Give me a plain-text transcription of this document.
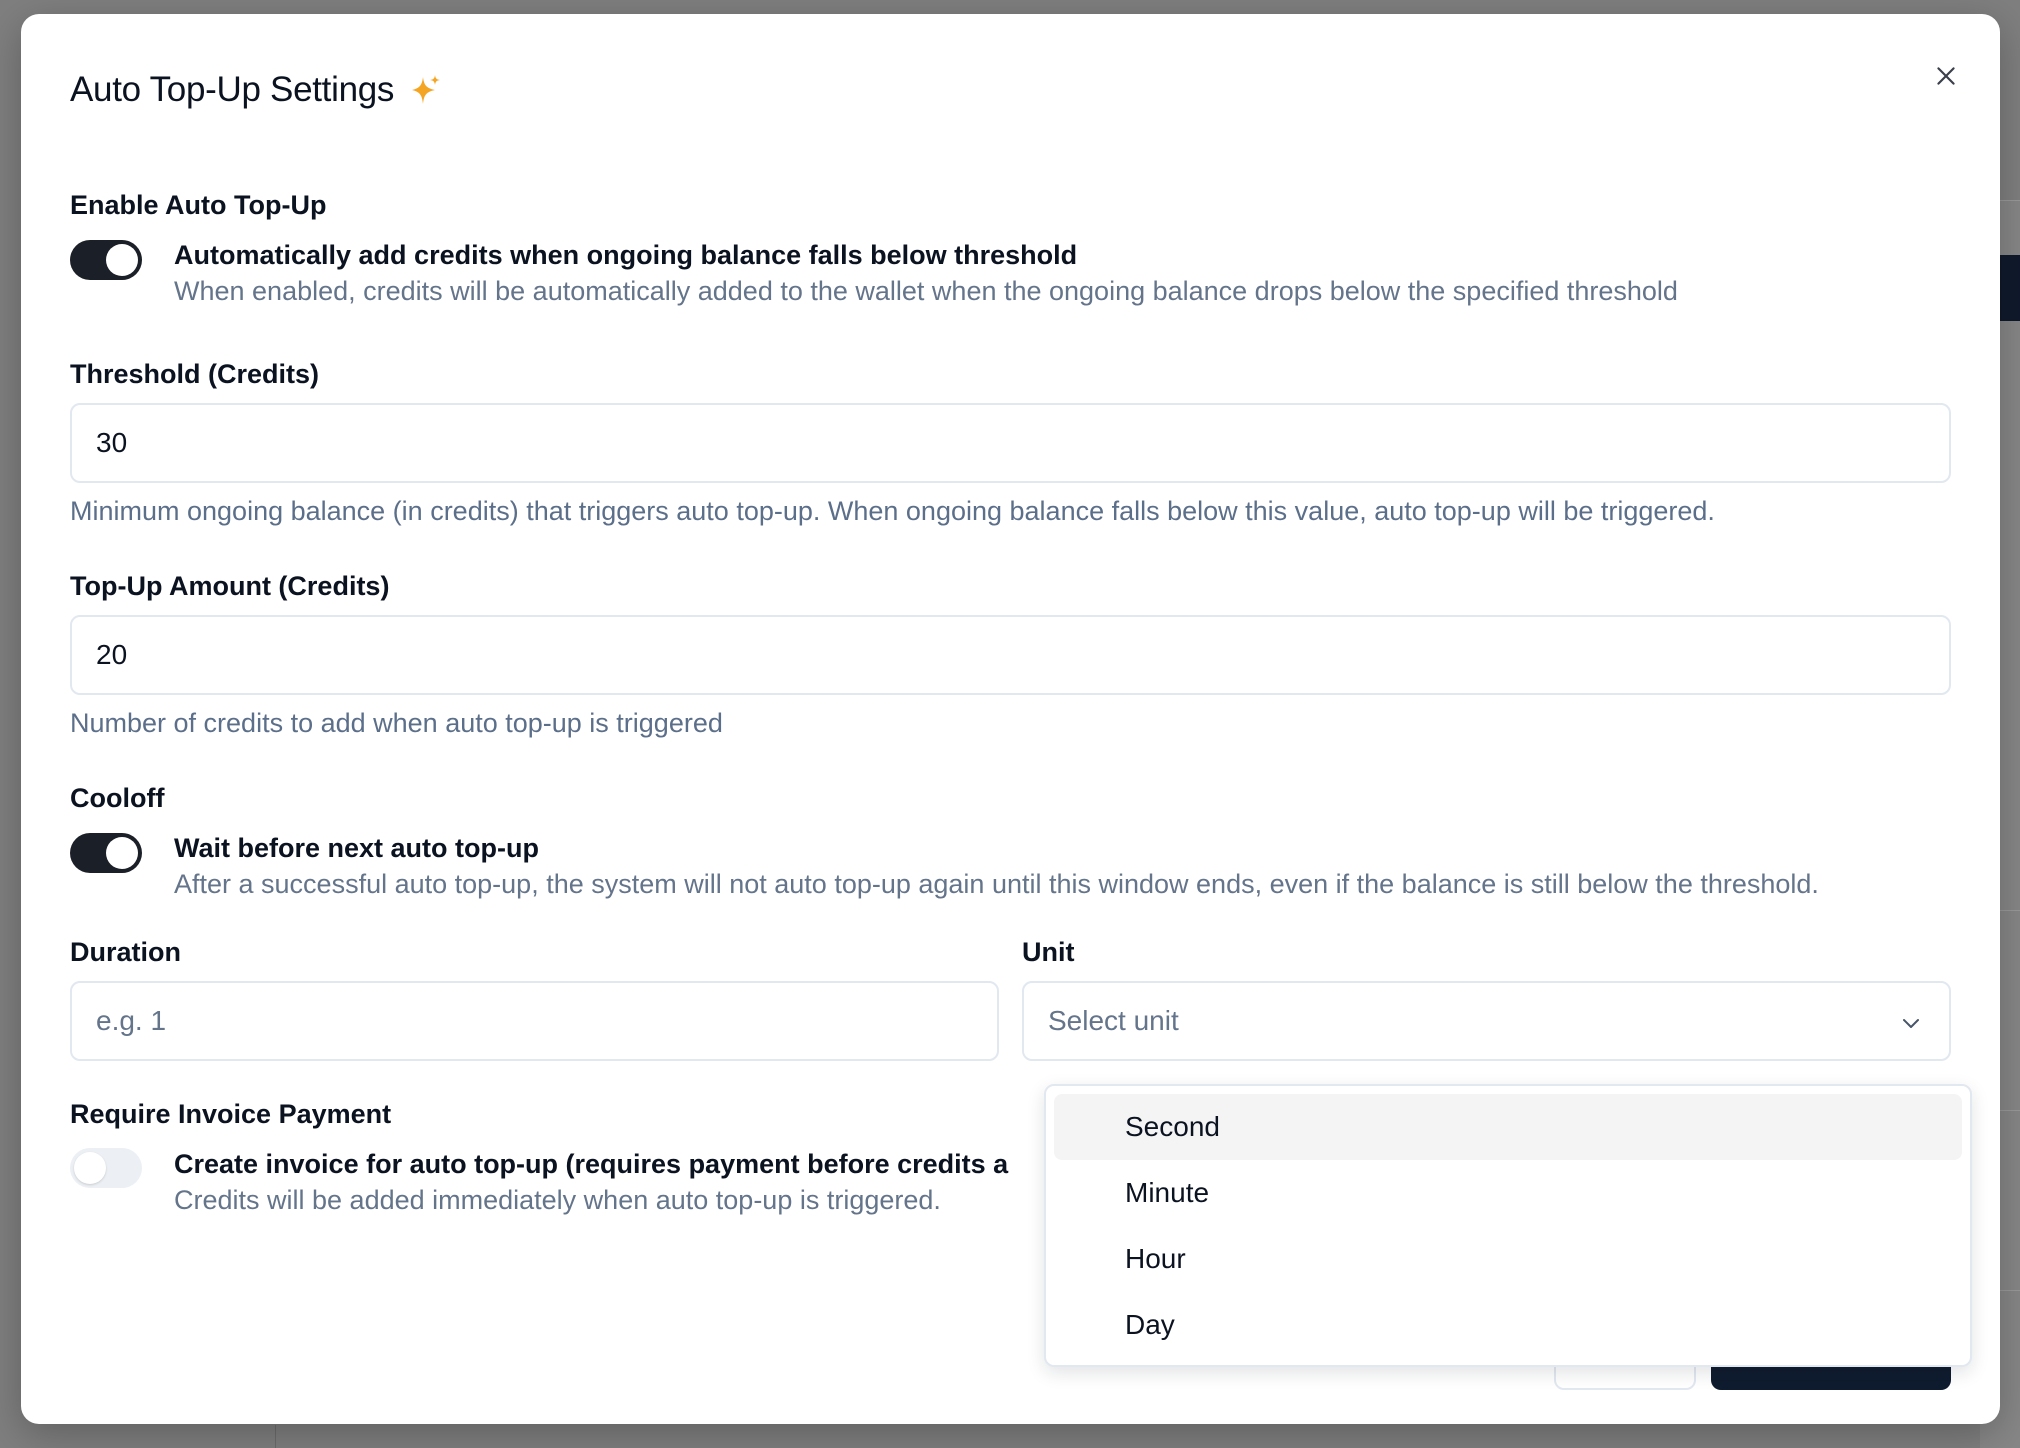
Auto Top-Up Settings
Enable Auto Top-Up
Automatically add credits when ongoing balance falls below threshold
When enabled, credits will be automatically added to the wallet when the ongoing balance drops below the specified threshold
Threshold (Credits)
30
Minimum ongoing balance (in credits) that triggers auto top-up. When ongoing balance falls below this value, auto top-up will be triggered.
Top-Up Amount (Credits)
20
Number of credits to add when auto top-up is triggered
Cooloff
Wait before next auto top-up
After a successful auto top-up, the system will not auto top-up again until this window ends, even if the balance is still below the threshold.
Duration	Unit
e.g. 1	Select unit
Require Invoice Payment
Create invoice for auto top-up (requires payment before credits a
Credits will be added immediately when auto top-up is triggered.
Second
Minute
Hour
Day
